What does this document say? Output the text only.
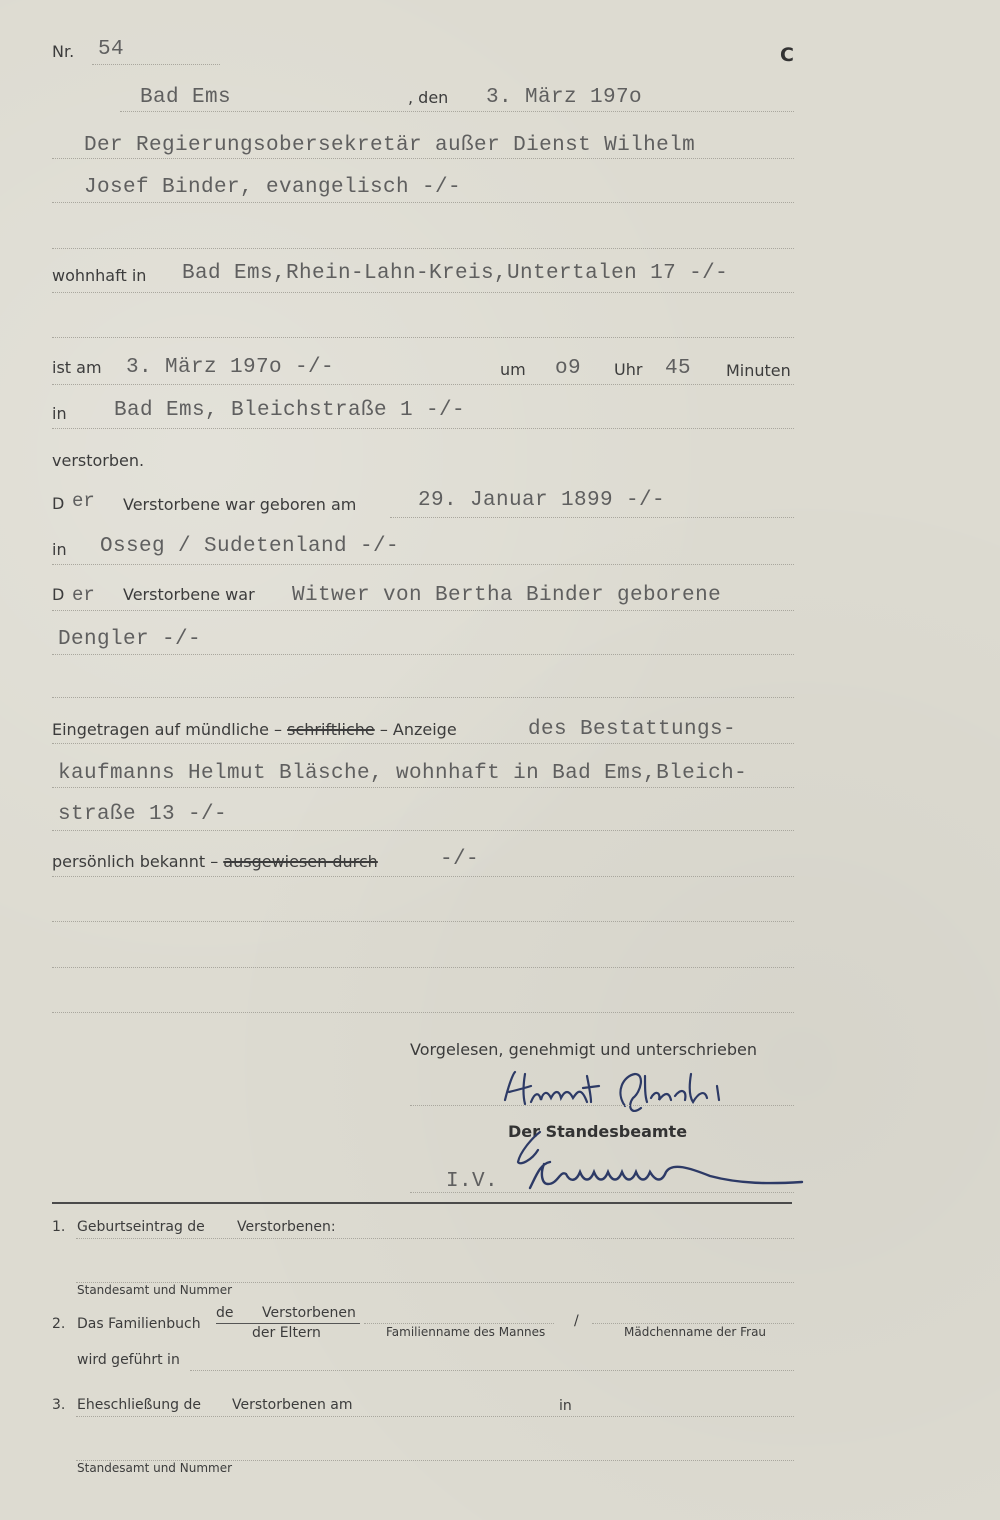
Nr. 54	C
Bad Ems	, den 3. März 197o
Der Regierungsobersekretär außer Dienst Wilhelm
Josef Binder, evangelisch -/-
wohnhaft in Bad Ems,Rhein-Lahn-Kreis,Untertalen 17 -/-
ist am 3. März 197o -/-	um o9 Uhr 45 Minuten
in Bad Ems, Bleichstraße 1 -/-
verstorben.
D er Verstorbene war geboren am	29. Januar 1899 -/-
in Osseg / Sudetenland -/-
D er Verstorbene war Witwer von Bertha Binder geborene
Dengler -/-
Eingetragen auf mündliche – schriftliche – Anzeige	des Bestattungs-
kaufmanns Helmut Bläsche, wohnhaft in Bad Ems,Bleich-
straße 13 -/-
persönlich bekannt – ausgewiesen durch	-/-
Vorgelesen, genehmigt und unterschrieben
Der Standesbeamte
I.V.
1. Geburtseintrag de Verstorbenen:
Standesamt und Nummer
2. Das Familienbuch
de Verstorbenen
der Eltern	Familienname des Mannes
/
Mädchenname der Frau
wird geführt in
3. Eheschließung de Verstorbenen am	in
Standesamt und Nummer
